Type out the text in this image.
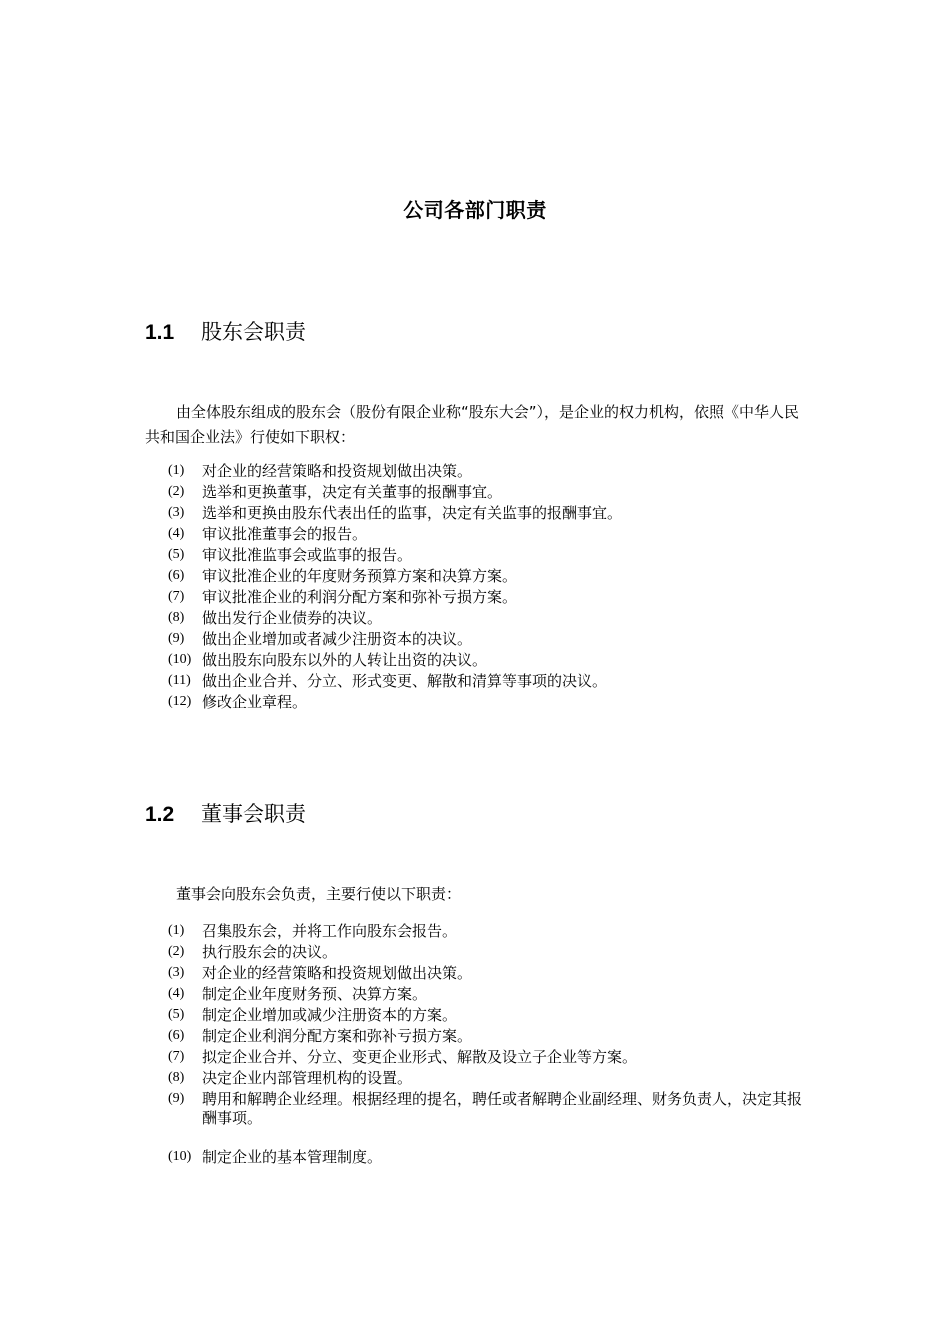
公司各部门职责
1.1 股东会职责
由全体股东组成的股东会（股份有限企业称“股东大会”），是企业的权力机构，依照《中华人民共和国企业法》行使如下职权：
(1) 对企业的经营策略和投资规划做出决策。
(2) 选举和更换董事，决定有关董事的报酬事宜。
(3) 选举和更换由股东代表出任的监事，决定有关监事的报酬事宜。
(4) 审议批准董事会的报告。
(5) 审议批准监事会或监事的报告。
(6) 审议批准企业的年度财务预算方案和决算方案。
(7) 审议批准企业的利润分配方案和弥补亏损方案。
(8) 做出发行企业债券的决议。
(9) 做出企业增加或者减少注册资本的决议。
(10) 做出股东向股东以外的人转让出资的决议。
(11) 做出企业合并、分立、形式变更、解散和清算等事项的决议。
(12) 修改企业章程。
1.2 董事会职责
董事会向股东会负责，主要行使以下职责：
(1) 召集股东会，并将工作向股东会报告。
(2) 执行股东会的决议。
(3) 对企业的经营策略和投资规划做出决策。
(4) 制定企业年度财务预、决算方案。
(5) 制定企业增加或减少注册资本的方案。
(6) 制定企业利润分配方案和弥补亏损方案。
(7) 拟定企业合并、分立、变更企业形式、解散及设立子企业等方案。
(8) 决定企业内部管理机构的设置。
(9) 聘用和解聘企业经理。根据经理的提名，聘任或者解聘企业副经理、财务负责人，决定其报酬事项。
(10) 制定企业的基本管理制度。
